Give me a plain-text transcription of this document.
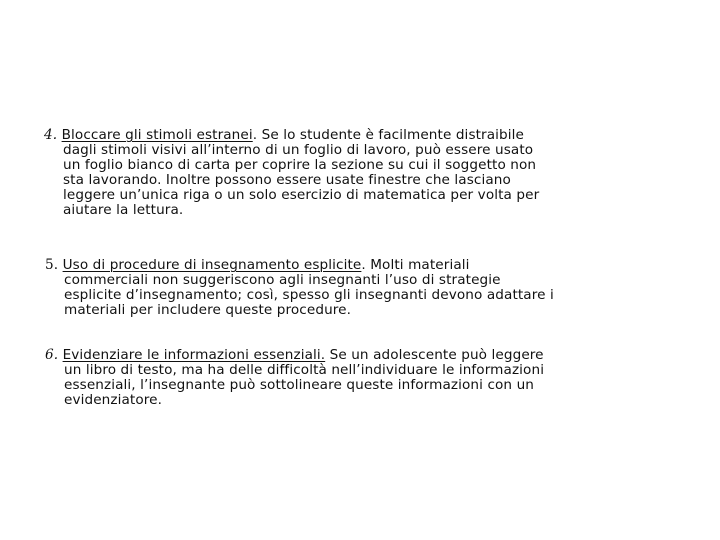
4. Bloccare gli stimoli estranei. Se lo studente è facilmente distraibile
dagli stimoli visivi all’interno di un foglio di lavoro, può essere usato
un foglio bianco di carta per coprire la sezione su cui il soggetto non
sta lavorando. Inoltre possono essere usate finestre che lasciano
leggere un’unica riga o un solo esercizio di matematica per volta per
aiutare la lettura.
5. Uso di procedure di insegnamento esplicite. Molti materiali
commerciali non suggeriscono agli insegnanti l’uso di strategie
esplicite d’insegnamento; così, spesso gli insegnanti devono adattare i
materiali per includere queste procedure.
6. Evidenziare le informazioni essenziali. Se un adolescente può leggere
un libro di testo, ma ha delle difficoltà nell’individuare le informazioni
essenziali, l’insegnante può sottolineare queste informazioni con un
evidenziatore.
